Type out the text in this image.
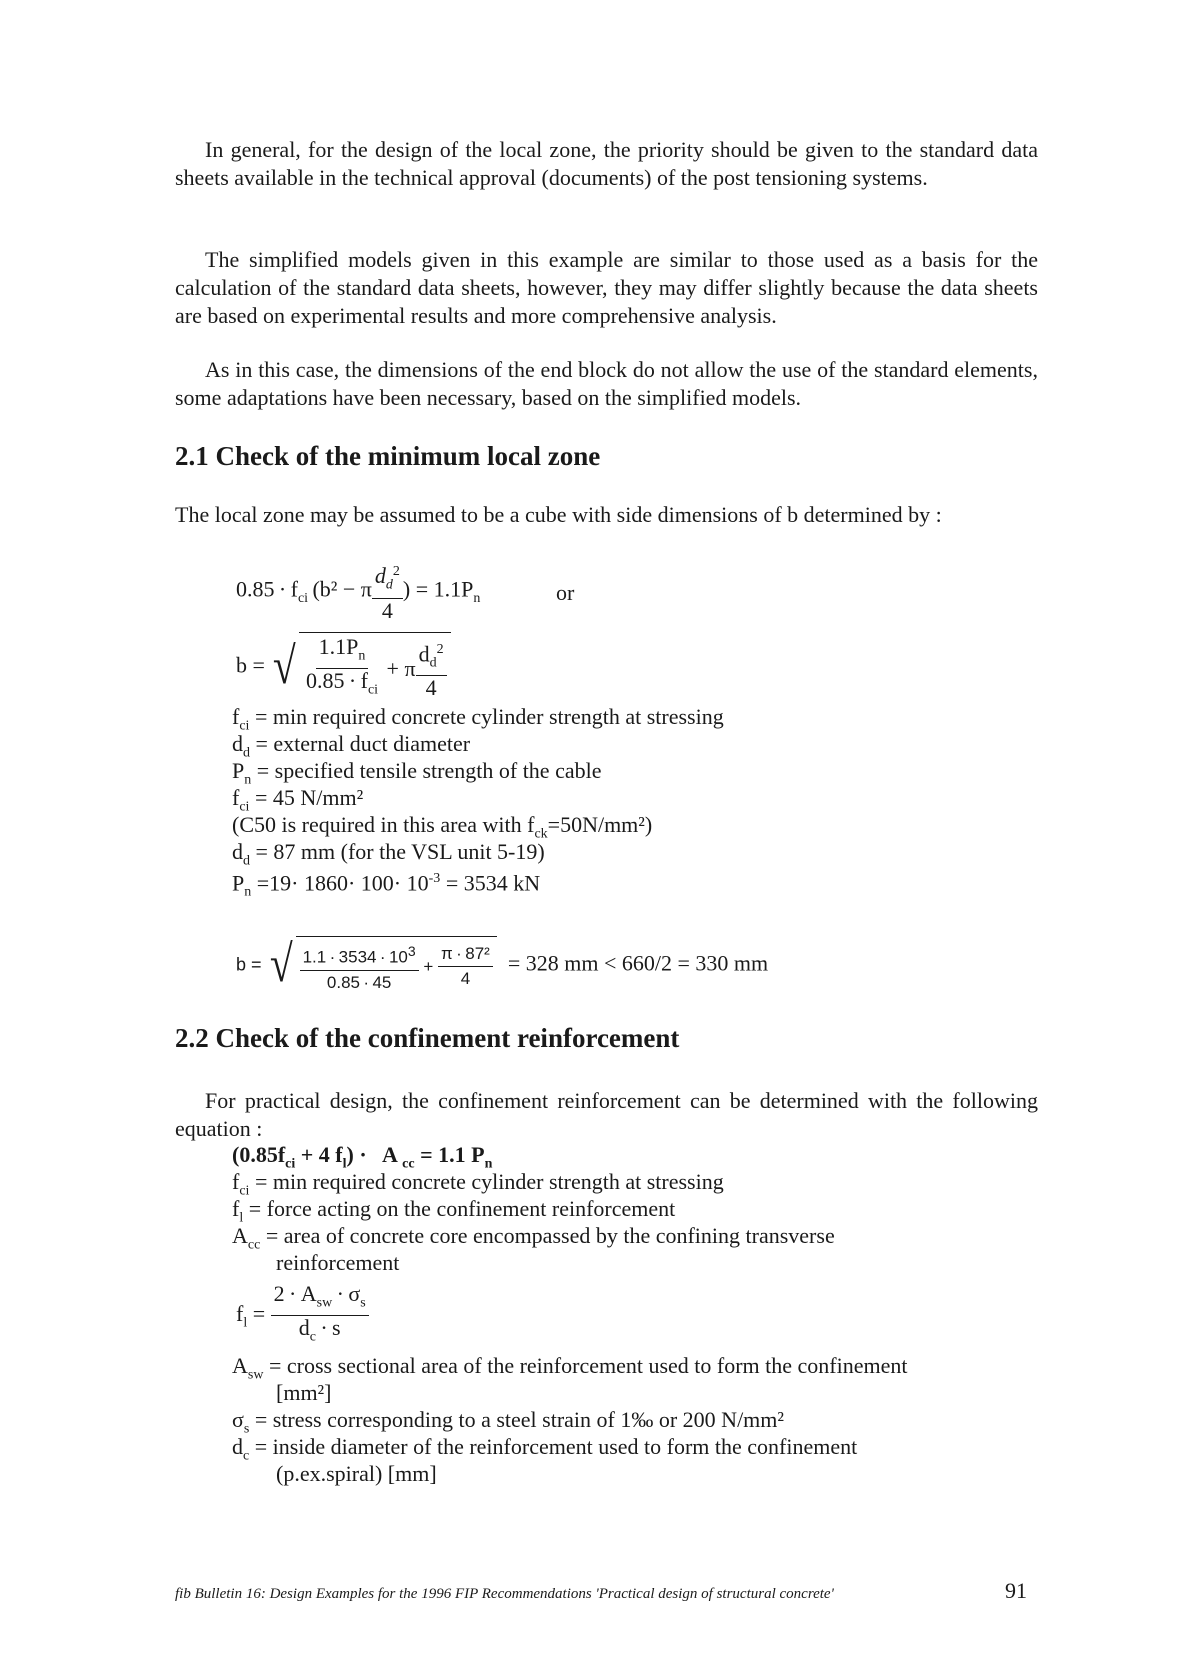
In general, for the design of the local zone, the priority should be given to the standard data sheets available in the technical approval (documents) of the post tensioning systems.

The simplified models given in this example are similar to those used as a basis for the calculation of the standard data sheets, however, they may differ slightly because the data sheets are based on experimental results and more comprehensive analysis.

As in this case, the dimensions of the end block do not allow the use of the standard elements, some adaptations have been necessary, based on the simplified models.

2.1 Check of the minimum local zone
The local zone may be assumed to be a cube with side dimensions of b determined by :
$0.85 \cdot f_{ci}$ (b² − π $\frac{d_d^2}{4}$ ) = $1.1P_n$	or
b = √ $\frac{1.1P_n}{0.85 \cdot f_{ci}} + \pi \frac{d_d^2}{4}$
$f_{ci} = \min$ required concrete cylinder strength at stressing
$d_d$ = external duct diameter
$P_n$ = specified tensile strength of the cable
$f_{ci} = 45$ N/mm²
(C50 is required in this area with $f_{ck}=50N/mm^2$)
$d_d = 87$ mm (for the VSL unit 5-19)
$P_n =19\cdot 1860\cdot 100\cdot 10^{-3} = 3534$ kN
b = √ $\frac{1.1 \cdot 3534 \cdot 10^3}{0.85 \cdot 45} + \frac{\text{π · 87²}}{4} = 328$ mm < 660/2 = 330 mm
2.2 Check of the confinement reinforcement

For practical design, the confinement reinforcement can be determined with the following equation :

($0.85f_{ci} + 4$ $f_l) \cdot A$ $_{cc}$ = 1.1 $P_n$
$f_{ci} = \min$ required concrete cylinder strength at stressing
$f_l$ = force acting on the confinement reinforcement
$A_{cc}$ = area of concrete core encompassed by the confining transverse
reinforcement
$f_l = \frac{2 \cdot A_{sw} \cdot \sigma_s}{d_c \cdot s}$
$A_{sw}$ = cross sectional area of the reinforcement used to form the confinement
[mm²]
$\sigma_s$ = stress corresponding to a steel strain of 1‰ or 200 N/mm²
$d_c$ = inside diameter of the reinforcement used to form the confinement
(p.ex.spiral) [mm]
fib Bulletin 16: Design Examples for the 1996 FIP Recommendations 'Practical design of structural concrete'	91
